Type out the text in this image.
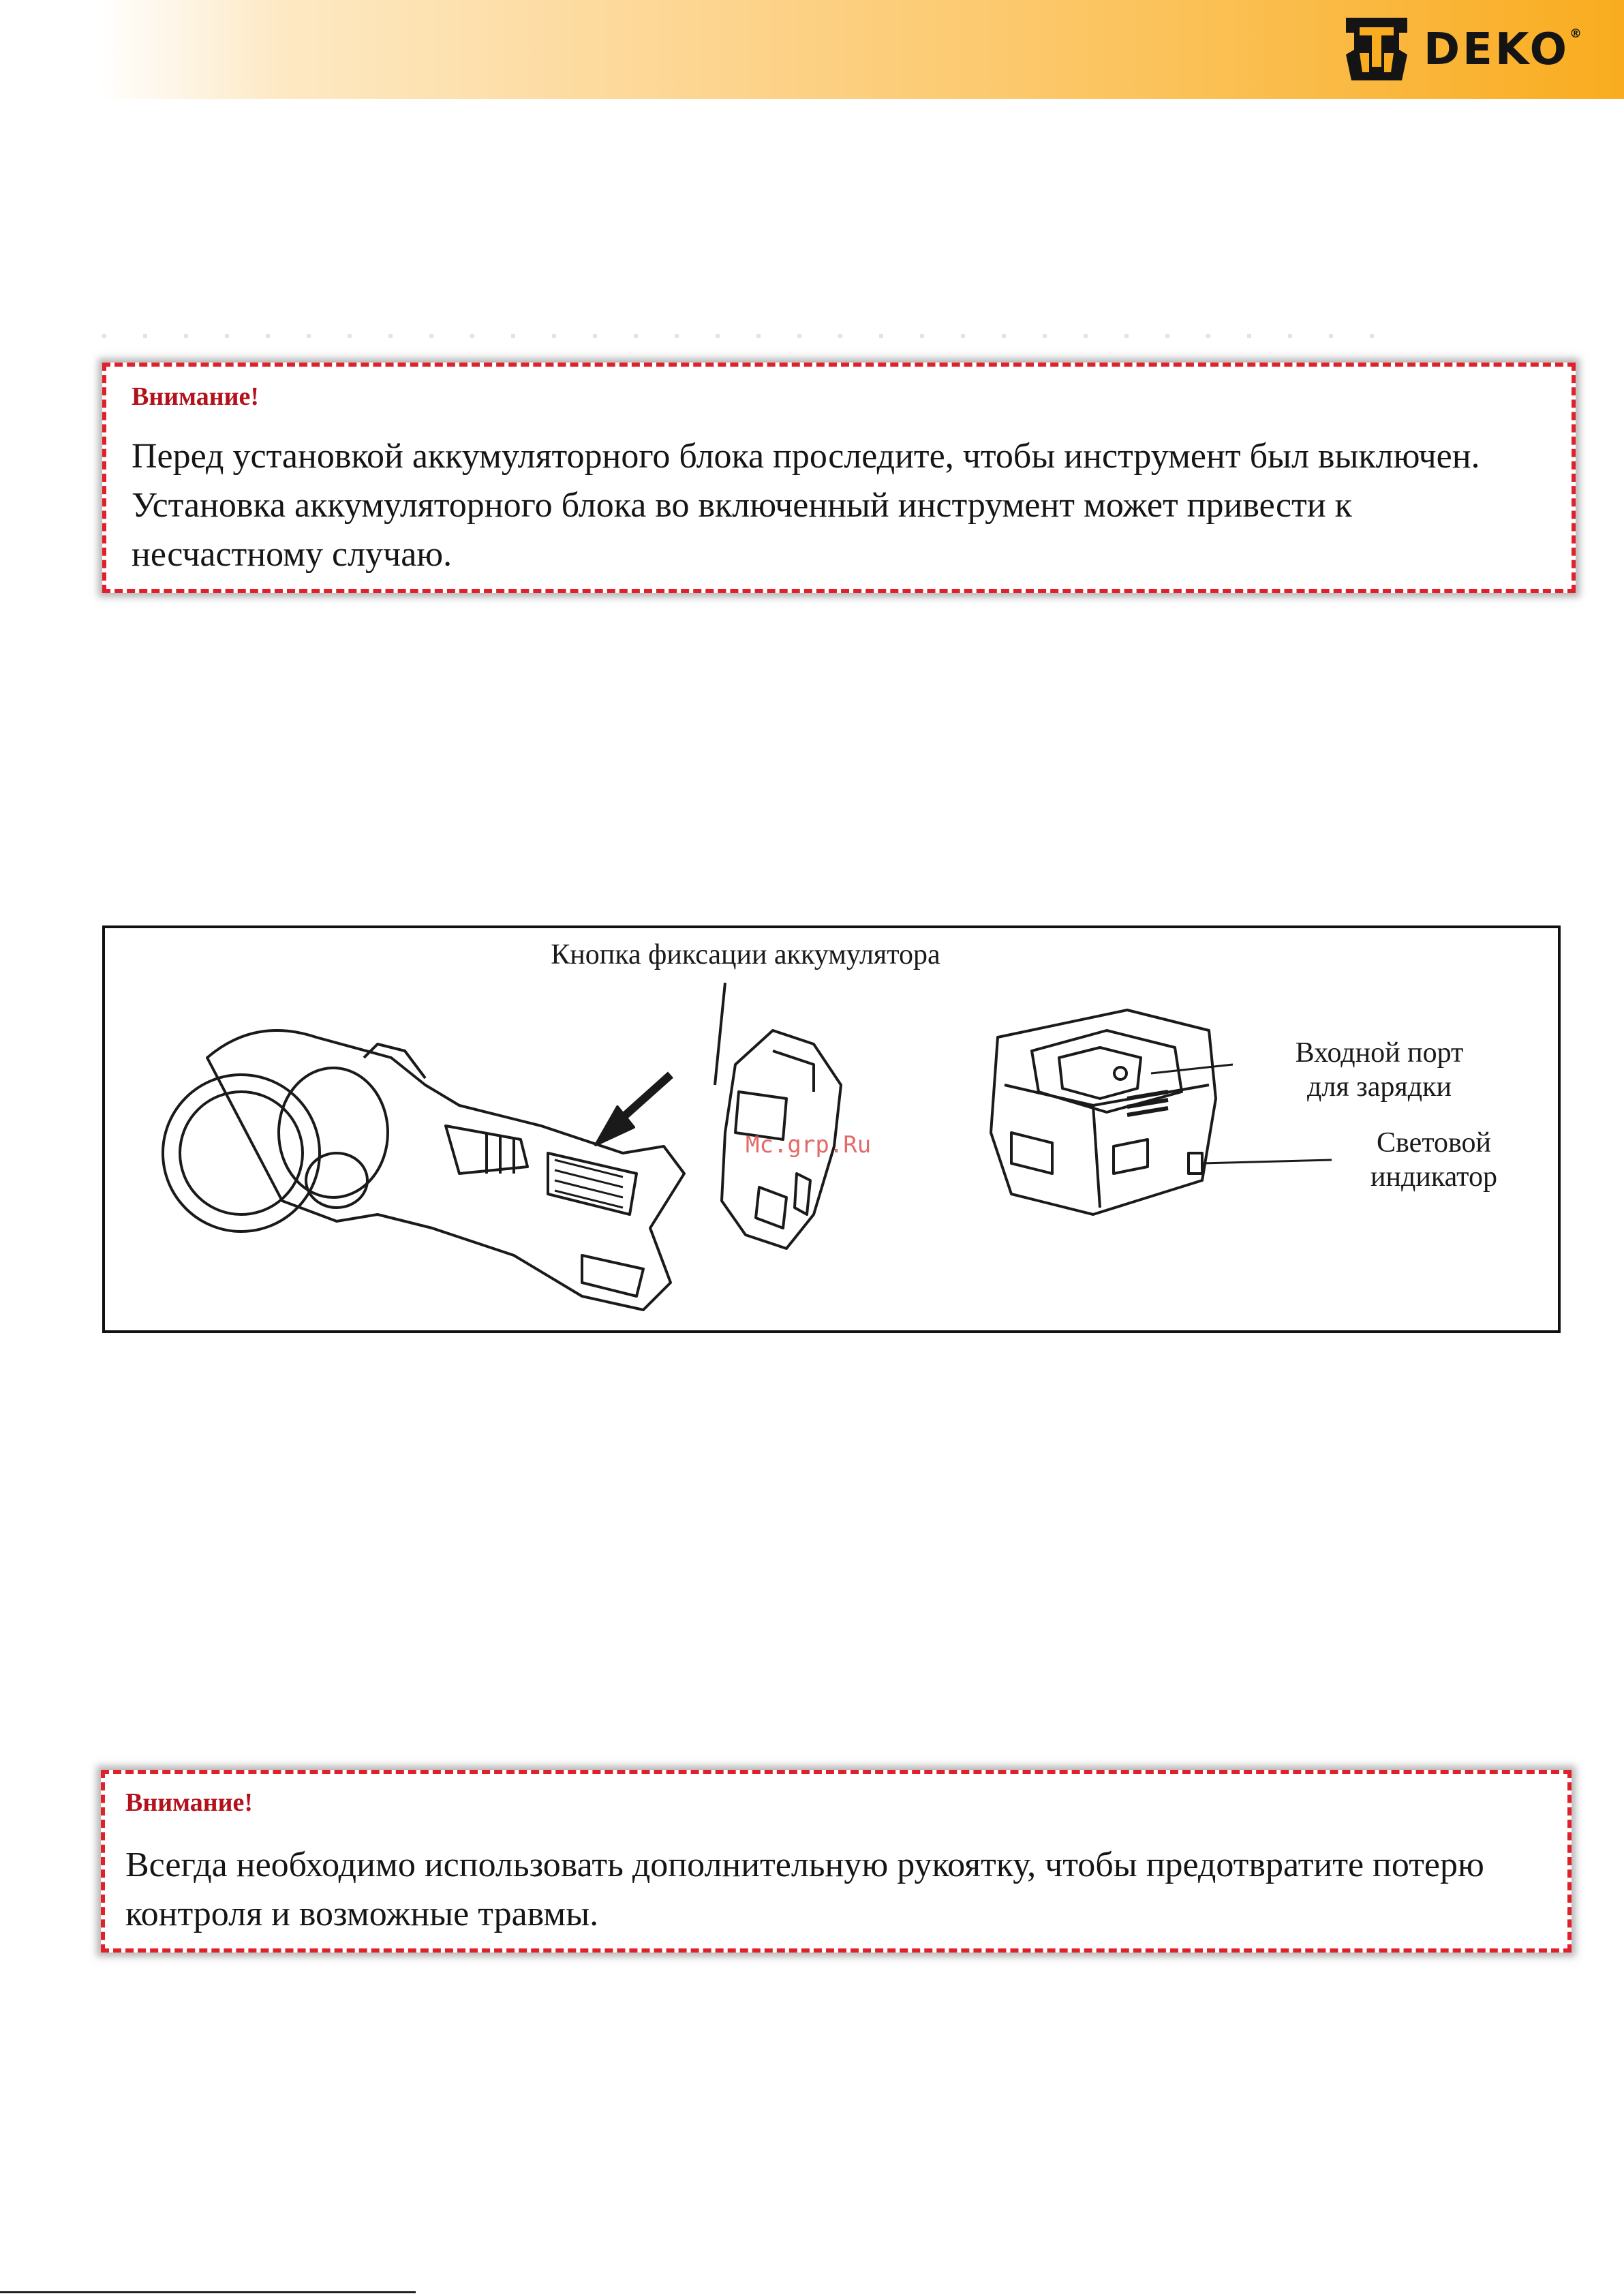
DEKO®
Внимание!
Перед установкой аккумуляторного блока проследите, чтобы инструмент был выключен. Установка аккумуляторного блока во включенный инструмент может привести к несчастному случаю.
Кнопка фиксации аккумулятора
Входной порт
для зарядки
Световой
индикатор
Mc.grp.Ru
Внимание!
Всегда необходимо использовать дополнительную рукоятку, чтобы предотвратите потерю контроля и возможные травмы.
